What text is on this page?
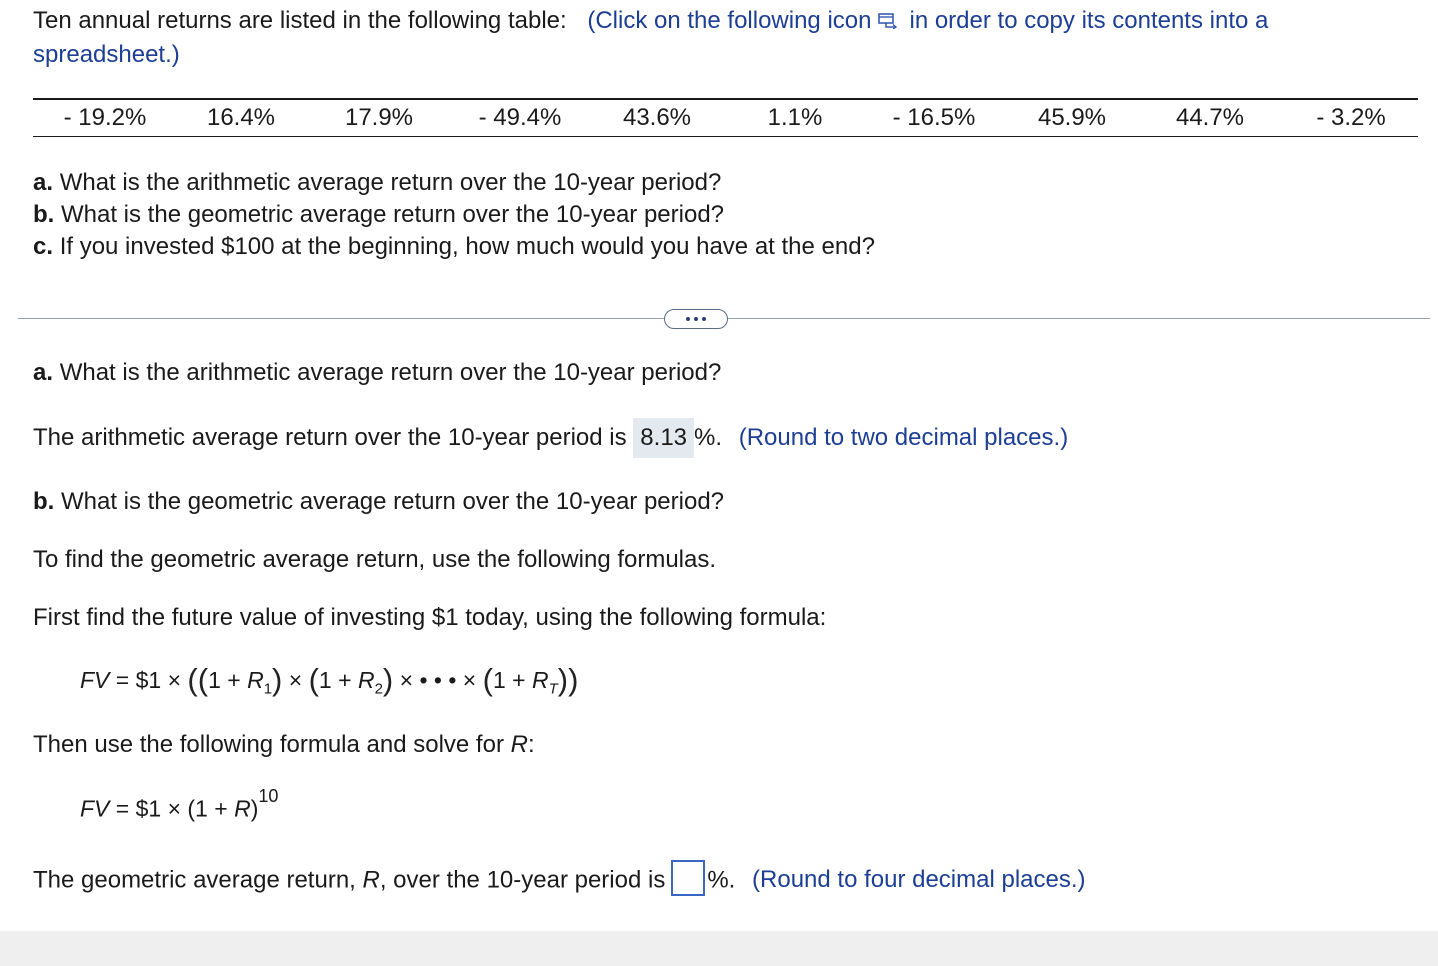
Ten annual returns are listed in the following table: (Click on the following icon in order to copy its contents into a
spreadsheet.)
- 19.2%	16.4%	17.9%	- 49.4%	43.6%	1.1%	- 16.5%	45.9%	44.7%	- 3.2%
a. What is the arithmetic average return over the 10-year period?
b. What is the geometric average return over the 10-year period?
c. If you invested $100 at the beginning, how much would you have at the end?
a. What is the arithmetic average return over the 10-year period?
The arithmetic average return over the 10-year period is 8.13 %. (Round to two decimal places.)
b. What is the geometric average return over the 10-year period?
To find the geometric average return, use the following formulas.
First find the future value of investing $1 today, using the following formula:
FV = $1 × ($(1 + R_1) \times (1 + R_2)$ × • • • × $(1 + R_T)$)
Then use the following formula and solve for R:
FV = $1 × $(1 + R)^{10}$
The geometric average return, R, over the 10-year period is %. (Round to four decimal places.)
